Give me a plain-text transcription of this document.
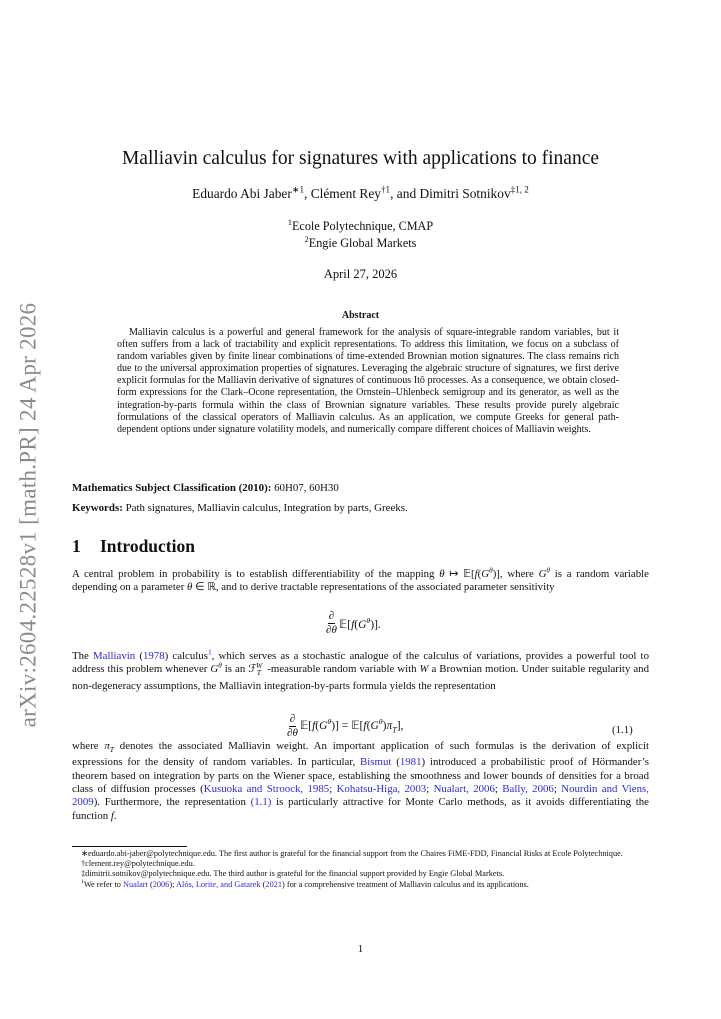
arXiv:2604.22528v1 [math.PR] 24 Apr 2026
Malliavin calculus for signatures with applications to finance
Eduardo Abi Jaber$^{∗1}$, Clément Rey$^{\dagger 1}$, and Dimitri Sotnikov$^{\ddagger 1, 2}$
$^1$Ecole Polytechnique, CMAP
$^2$Engie Global Markets
April 27, 2026
Abstract
Malliavin calculus is a powerful and general framework for the analysis of square-integrable random variables, but it often suffers from a lack of tractability and explicit representations. To address this limitation, we focus on a subclass of random variables given by finite linear combinations of time-extended Brownian motion signatures. The class remains rich due to the universal approximation properties of signatures. Leveraging the algebraic structure of signatures, we first derive explicit formulas for the Malliavin derivative of signatures of continuous Itô processes. As a consequence, we obtain closed-form expressions for the Clark–Ocone representation, the Ornstein–Uhlenbeck semigroup and its generator, as well as the integration-by-parts formula within the class of Brownian signature variables. These results provide purely algebraic formulations of the classical operators of Malliavin calculus. As an application, we compute Greeks for general path-dependent options under signature volatility models, and numerically compare different choices of Malliavin weights.
Mathematics Subject Classification (2010): 60H07, 60H30
Keywords: Path signatures, Malliavin calculus, Integration by parts, Greeks.
1 Introduction
A central problem in probability is to establish differentiability of the mapping θ ↦ $𝔼[f(G^\theta)]$, where $G^\theta$ is a random variable depending on a parameter θ ∈ ℝ, and to derive tractable representations of the associated parameter sensitivity
$\frac{\partial}{\partial\theta}$ $𝔼[f(G^\theta)]$.
The Malliavin (1978) calculus$^1$, which serves as a stochastic analogue of the calculus of variations, provides a powerful tool to address this problem whenever $G^\theta$ is an ℱ$_T^W$ -measurable random variable with W a Brownian motion. Under suitable regularity and non-degeneracy assumptions, the Malliavin integration-by-parts formula yields the representation
$\frac{\partial}{\partial\theta}$ $𝔼[f(G^\theta)]$ = $𝔼[f(G^\theta)\pi_T]$,	(1.1)
where $\pi_T$ denotes the associated Malliavin weight. An important application of such formulas is the derivation of explicit expressions for the density of random variables. In particular, Bismut (1981) introduced a probabilistic proof of Hörmander’s theorem based on integration by parts on the Wiener space, establishing the smoothness and lower bounds of densities for a broad class of diffusion processes (Kusuoka and Stroock, 1985; Kohatsu-Higa, 2003; Nualart, 2006; Bally, 2006; Nourdin and Viens, 2009). Furthermore, the representation (1.1) is particularly attractive for Monte Carlo methods, as it avoids differentiating the function f.

∗eduardo.abi-jaber@polytechnique.edu. The first author is grateful for the financial support from the Chaires FiME-FDD, Financial Risks at Ecole Polytechnique.

†clement.rey@polytechnique.edu.

‡dimitrii.sotnikov@polytechnique.edu. The third author is grateful for the financial support provided by Engie Global Markets.

$^1$We refer to Nualart (2006); Alós, Lorite, and Gatarek (2021) for a comprehensive treatment of Malliavin calculus and its applications.

1
